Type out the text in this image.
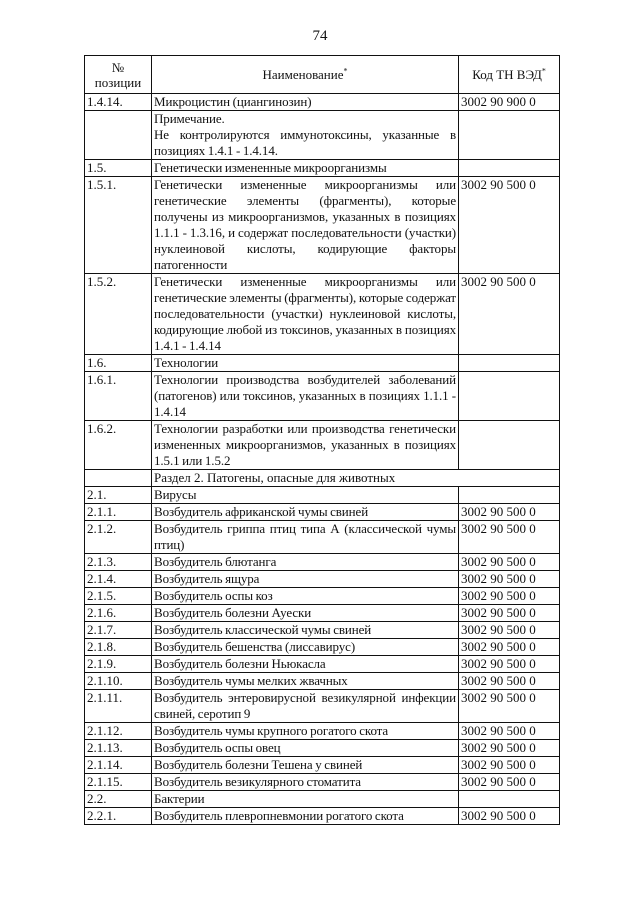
74
№ позиции	Наименование*	Код ТН ВЭД*
1.4.14.	Микроцистин (циангинозин)	3002 90 900 0
	Примечание.
Не контролируются иммунотоксины, указанные в позициях 1.4.1 - 1.4.14.	
1.5.	Генетически измененные микроорганизмы	
1.5.1.	Генетически измененные микроорганизмы или генетические элементы (фрагменты), которые получены из микроорганизмов, указанных в позициях 1.1.1 - 1.3.16, и содержат последовательности (участки) нуклеиновой кислоты, кодирующие факторы патогенности	3002 90 500 0
1.5.2.	Генетически измененные микроорганизмы или генетические элементы (фрагменты), которые содержат последовательности (участки) нуклеиновой кислоты, кодирующие любой из токсинов, указанных в позициях 1.4.1 - 1.4.14	3002 90 500 0
1.6.	Технологии	
1.6.1.	Технологии производства возбудителей заболеваний (патогенов) или токсинов, указанных в позициях 1.1.1 - 1.4.14	
1.6.2.	Технологии разработки или производства генетически измененных микроорганизмов, указанных в позициях 1.5.1 или 1.5.2	
	Раздел 2. Патогены, опасные для животных	
2.1.	Вирусы	
2.1.1.	Возбудитель африканской чумы свиней	3002 90 500 0
2.1.2.	Возбудитель гриппа птиц типа А (классической чумы птиц)	3002 90 500 0
2.1.3.	Возбудитель блютанга	3002 90 500 0
2.1.4.	Возбудитель ящура	3002 90 500 0
2.1.5.	Возбудитель оспы коз	3002 90 500 0
2.1.6.	Возбудитель болезни Ауески	3002 90 500 0
2.1.7.	Возбудитель классической чумы свиней	3002 90 500 0
2.1.8.	Возбудитель бешенства (лиссавирус)	3002 90 500 0
2.1.9.	Возбудитель болезни Ньюкасла	3002 90 500 0
2.1.10.	Возбудитель чумы мелких жвачных	3002 90 500 0
2.1.11.	Возбудитель энтеровирусной везикулярной инфекции свиней, серотип 9	3002 90 500 0
2.1.12.	Возбудитель чумы крупного рогатого скота	3002 90 500 0
2.1.13.	Возбудитель оспы овец	3002 90 500 0
2.1.14.	Возбудитель болезни Тешена у свиней	3002 90 500 0
2.1.15.	Возбудитель везикулярного стоматита	3002 90 500 0
2.2.	Бактерии	
2.2.1.	Возбудитель плевропневмонии рогатого скота	3002 90 500 0
